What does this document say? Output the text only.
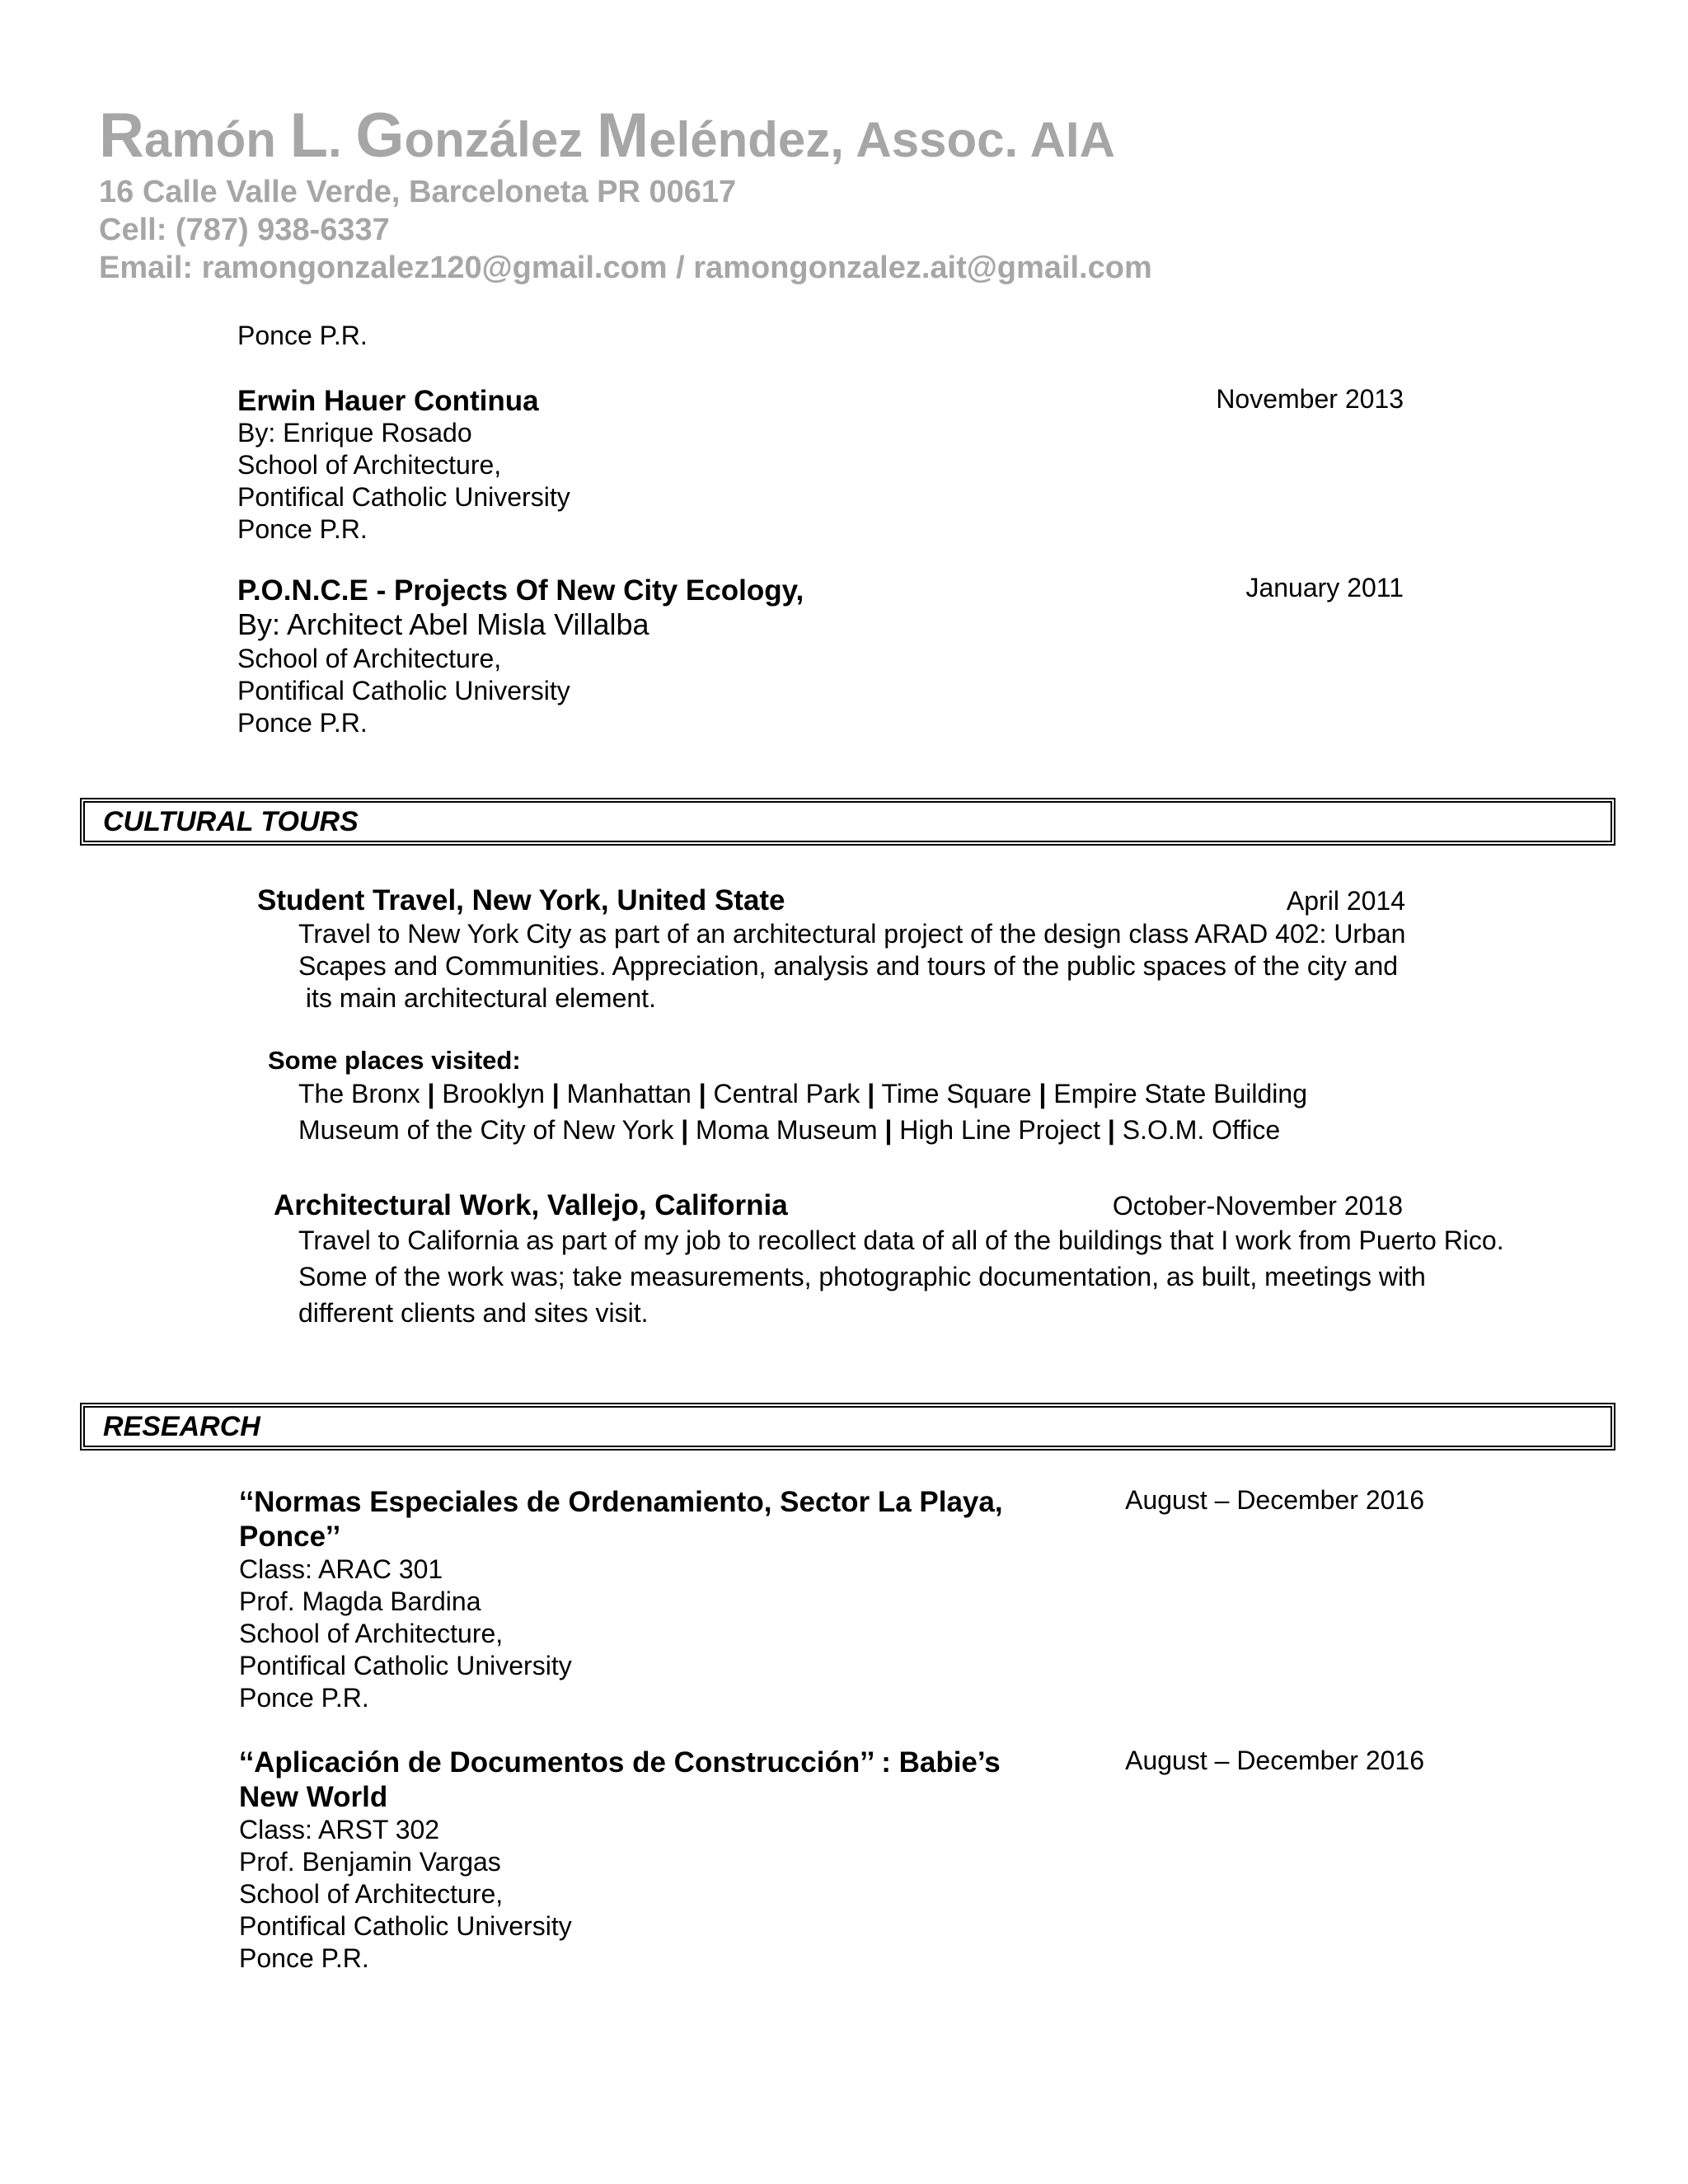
Ramón L. González Meléndez, Assoc. AIA
16 Calle Valle Verde, Barceloneta PR 00617
Cell: (787) 938-6337
Email: ramongonzalez120@gmail.com / ramongonzalez.ait@gmail.com
Ponce P.R.
Erwin Hauer Continua	November 2013
By: Enrique Rosado
School of Architecture,
Pontifical Catholic University
Ponce P.R.
P.O.N.C.E - Projects Of New City Ecology,	January 2011
By: Architect Abel Misla Villalba
School of Architecture,
Pontifical Catholic University
Ponce P.R.
CULTURAL TOURS
Student Travel, New York, United State	April 2014
Travel to New York City as part of an architectural project of the design class ARAD 402: Urban
Scapes and Communities. Appreciation, analysis and tours of the public spaces of the city and
its main architectural element.
Some places visited:
The Bronx | Brooklyn | Manhattan | Central Park | Time Square | Empire State Building
Museum of the City of New York | Moma Museum | High Line Project | S.O.M. Office
Architectural Work, Vallejo, California	October-November 2018
Travel to California as part of my job to recollect data of all of the buildings that I work from Puerto Rico.
Some of the work was; take measurements, photographic documentation, as built, meetings with
different clients and sites visit.
RESEARCH
‘‘Normas Especiales de Ordenamiento, Sector La Playa,
Ponce’’
August – December 2016
Class: ARAC 301
Prof. Magda Bardina
School of Architecture,
Pontifical Catholic University
Ponce P.R.
‘‘Aplicación de Documentos de Construcción’’ : Babie’s
New World
August – December 2016
Class: ARST 302
Prof. Benjamin Vargas
School of Architecture,
Pontifical Catholic University
Ponce P.R.
